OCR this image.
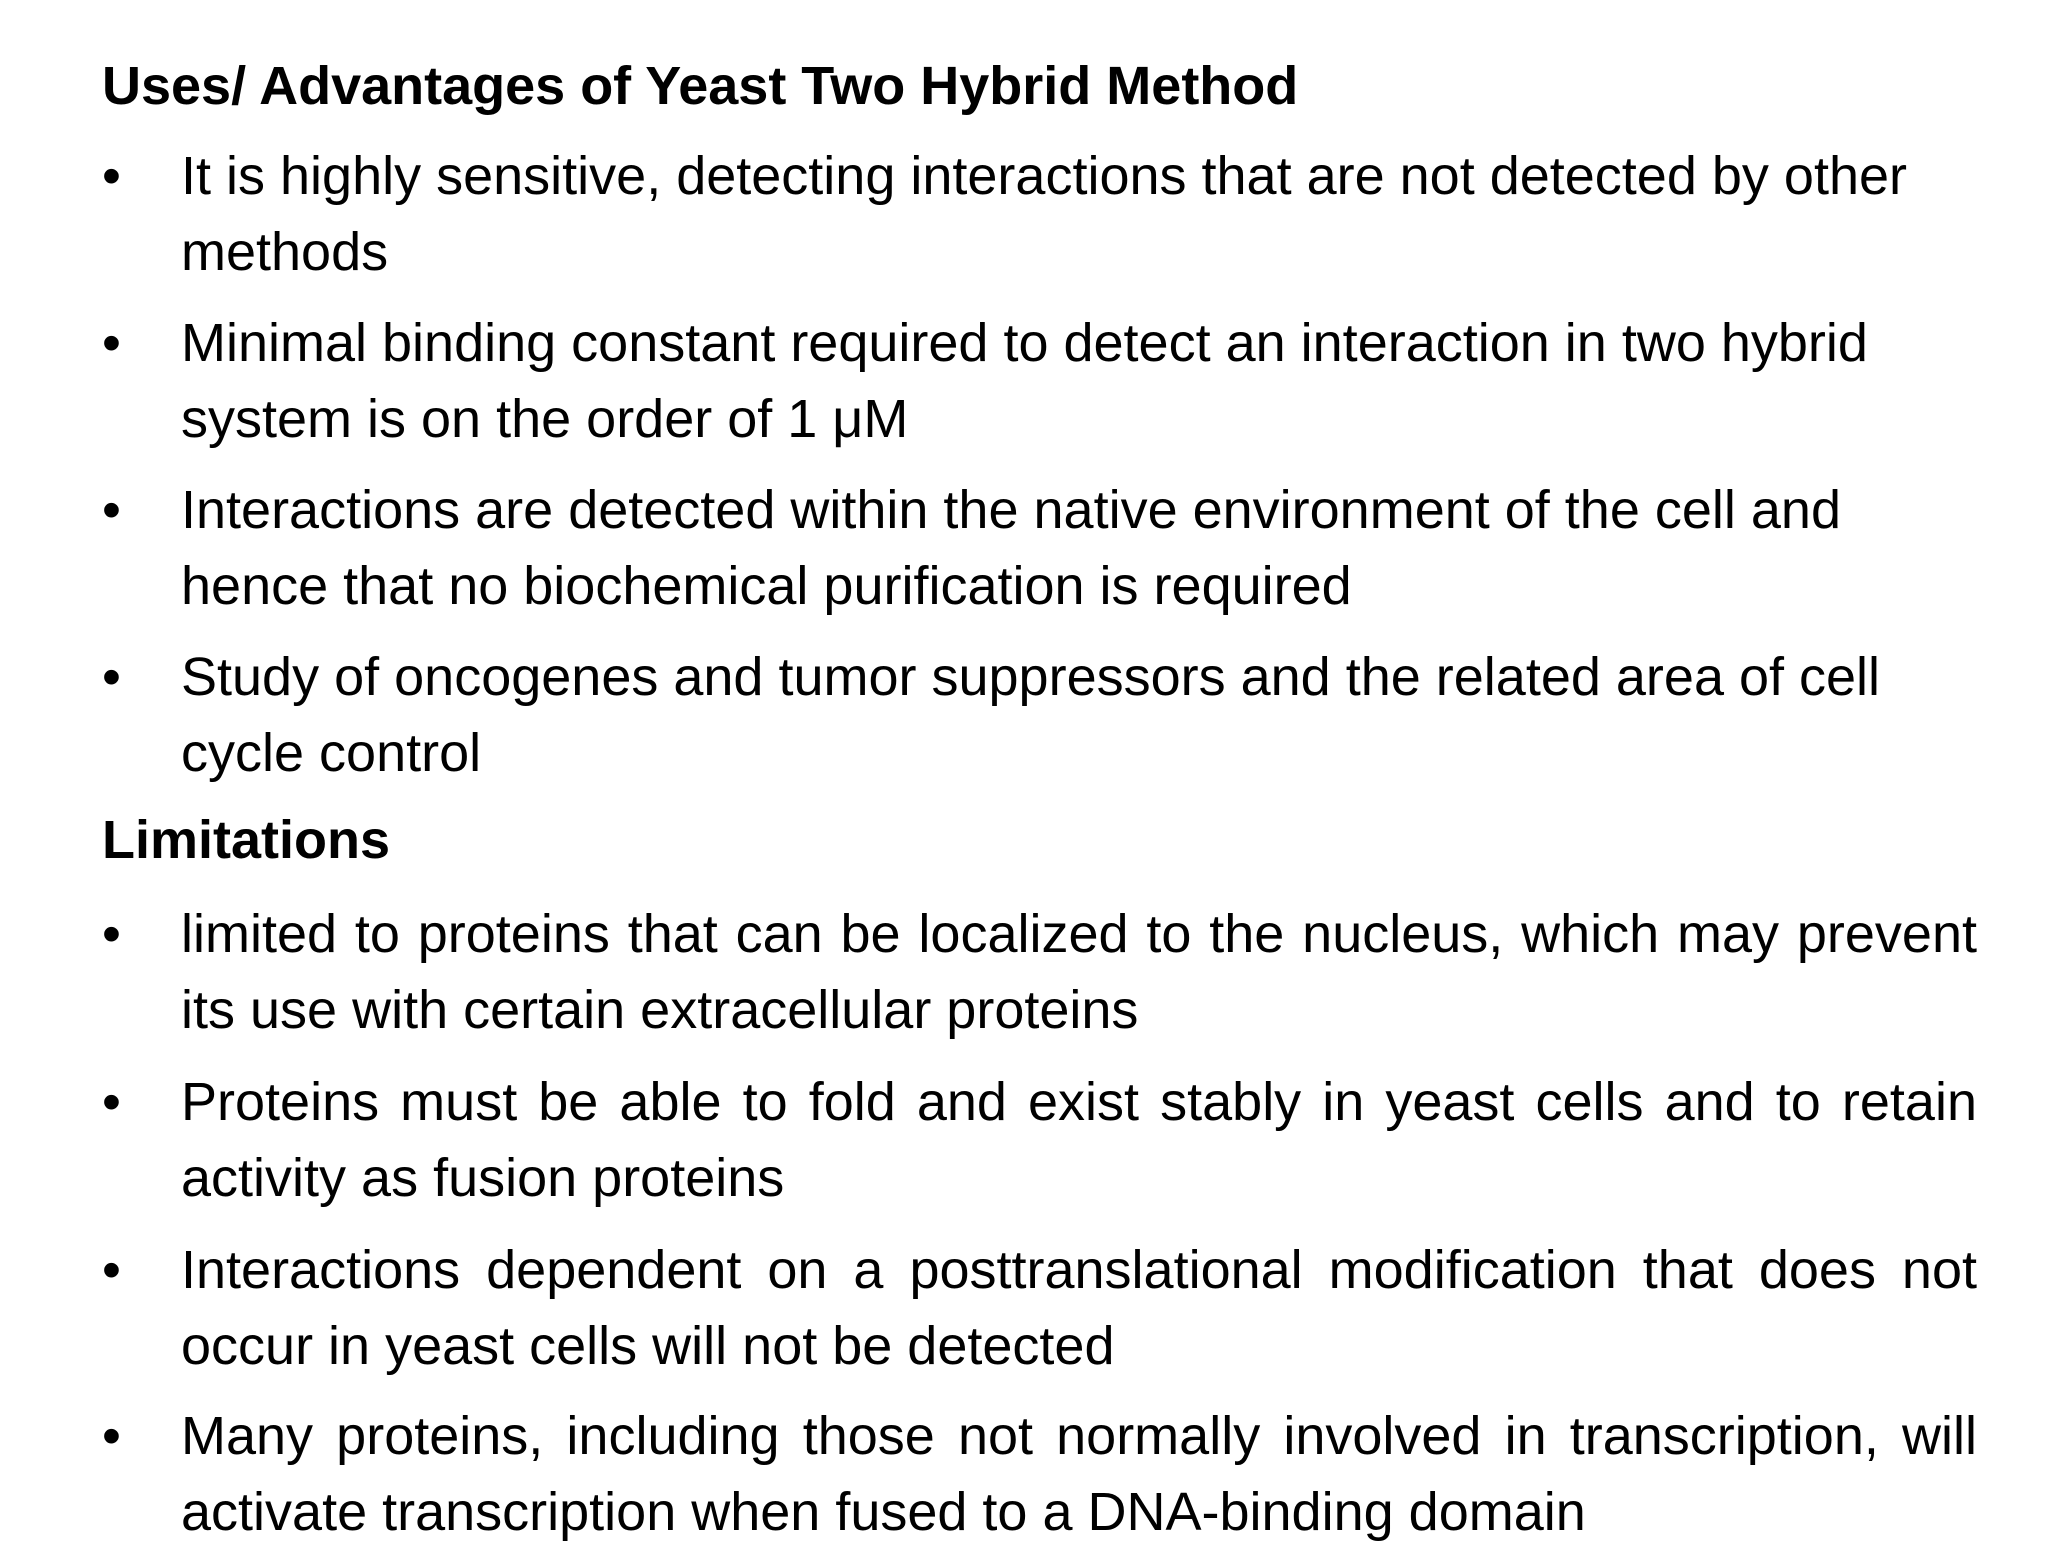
Uses/ Advantages of Yeast Two Hybrid Method
•	It is highly sensitive, detecting interactions that are not detected by other methods
•	Minimal binding constant required to detect an interaction in two hybrid system is on the order of 1 μM
•	Interactions are detected within the native environment of the cell and hence that no biochemical purification is required
•	Study of oncogenes and tumor suppressors and the related area of cell cycle control
Limitations
•	limited to proteins that can be localized to the nucleus, which may prevent its use with certain extracellular proteins
•	Proteins must be able to fold and exist stably in yeast cells and to retain activity as fusion proteins
•	Interactions dependent on a posttranslational modification that does not occur in yeast cells will not be detected
•	Many proteins, including those not normally involved in transcription, will activate transcription when fused to a DNA-binding domain
